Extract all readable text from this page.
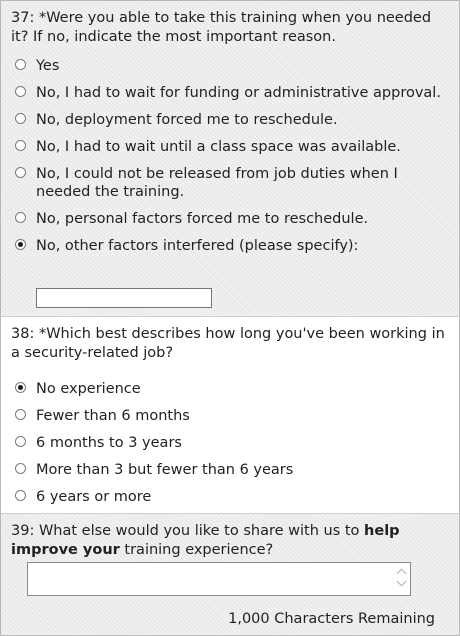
37: *Were you able to take this training when you needed it? If no, indicate the most important reason.
Yes
No, I had to wait for funding or administrative approval.
No, deployment forced me to reschedule.
No, I had to wait until a class space was available.
No, I could not be released from job duties when I needed the training.
No, personal factors forced me to reschedule.
No, other factors interfered (please specify):
38: *Which best describes how long you've been working in a security-related job?
No experience
Fewer than 6 months
6 months to 3 years
More than 3 but fewer than 6 years
6 years or more
39: What else would you like to share with us to help improve your training experience?
1,000 Characters Remaining
